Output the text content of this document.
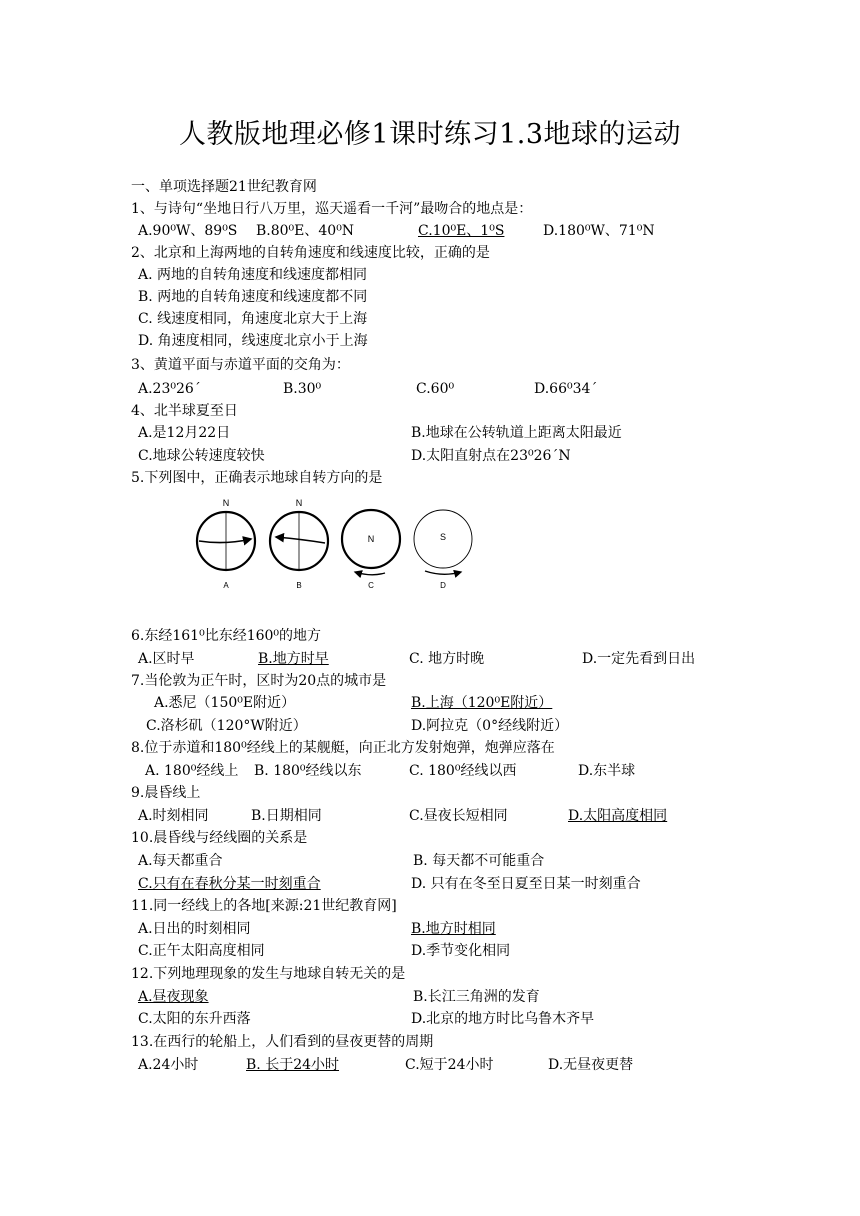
人教版地理必修1课时练习1.3地球的运动
一、单项选择题21世纪教育网
1、与诗句“坐地日行八万里，巡天遥看一千河”最吻合的地点是：
A.90⁰W、89⁰S B.80⁰E、40⁰N	C.10⁰E、1⁰S	D.180⁰W、71⁰N
2、北京和上海两地的自转角速度和线速度比较，正确的是
A. 两地的自转角速度和线速度都相同
B. 两地的自转角速度和线速度都不同
C. 线速度相同，角速度北京大于上海
D. 角速度相同，线速度北京小于上海
3、黄道平面与赤道平面的交角为：
A.23⁰26ˊ	B.30⁰	C.60⁰	D.66⁰34ˊ
4、北半球夏至日
A.是12月22日	B.地球在公转轨道上距离太阳最近
C.地球公转速度较快	D.太阳直射点在23⁰26ˊN
5.下列图中，正确表示地球自转方向的是
N
A
N
B
N
C
S
D
6.东经161⁰比东经160⁰的地方
A.区时早	B.地方时早	C. 地方时晚	D.一定先看到日出
7.当伦敦为正午时，区时为20点的城市是
A.悉尼（150⁰E附近）	B.上海（120⁰E附近）
C.洛杉矶（120°W附近）	D.阿拉克（0°经线附近）
8.位于赤道和180⁰经线上的某舰艇，向正北方发射炮弹，炮弹应落在
A. 180⁰经线上 B. 180⁰经线以东	C. 180⁰经线以西	D.东半球
9.晨昏线上
A.时刻相同	B.日期相同	C.昼夜长短相同	D.太阳高度相同
10.晨昏线与经线圈的关系是
A.每天都重合	B. 每天都不可能重合
C.只有在春秋分某一时刻重合	D. 只有在冬至日夏至日某一时刻重合
11.同一经线上的各地[来源:21世纪教育网]
A.日出的时刻相同	B.地方时相同
C.正午太阳高度相同	D.季节变化相同
12.下列地理现象的发生与地球自转无关的是
A.昼夜现象	B.长江三角洲的发育
C.太阳的东升西落	D.北京的地方时比乌鲁木齐早
13.在西行的轮船上，人们看到的昼夜更替的周期
A.24小时	B. 长于24小时	C.短于24小时	D.无昼夜更替
